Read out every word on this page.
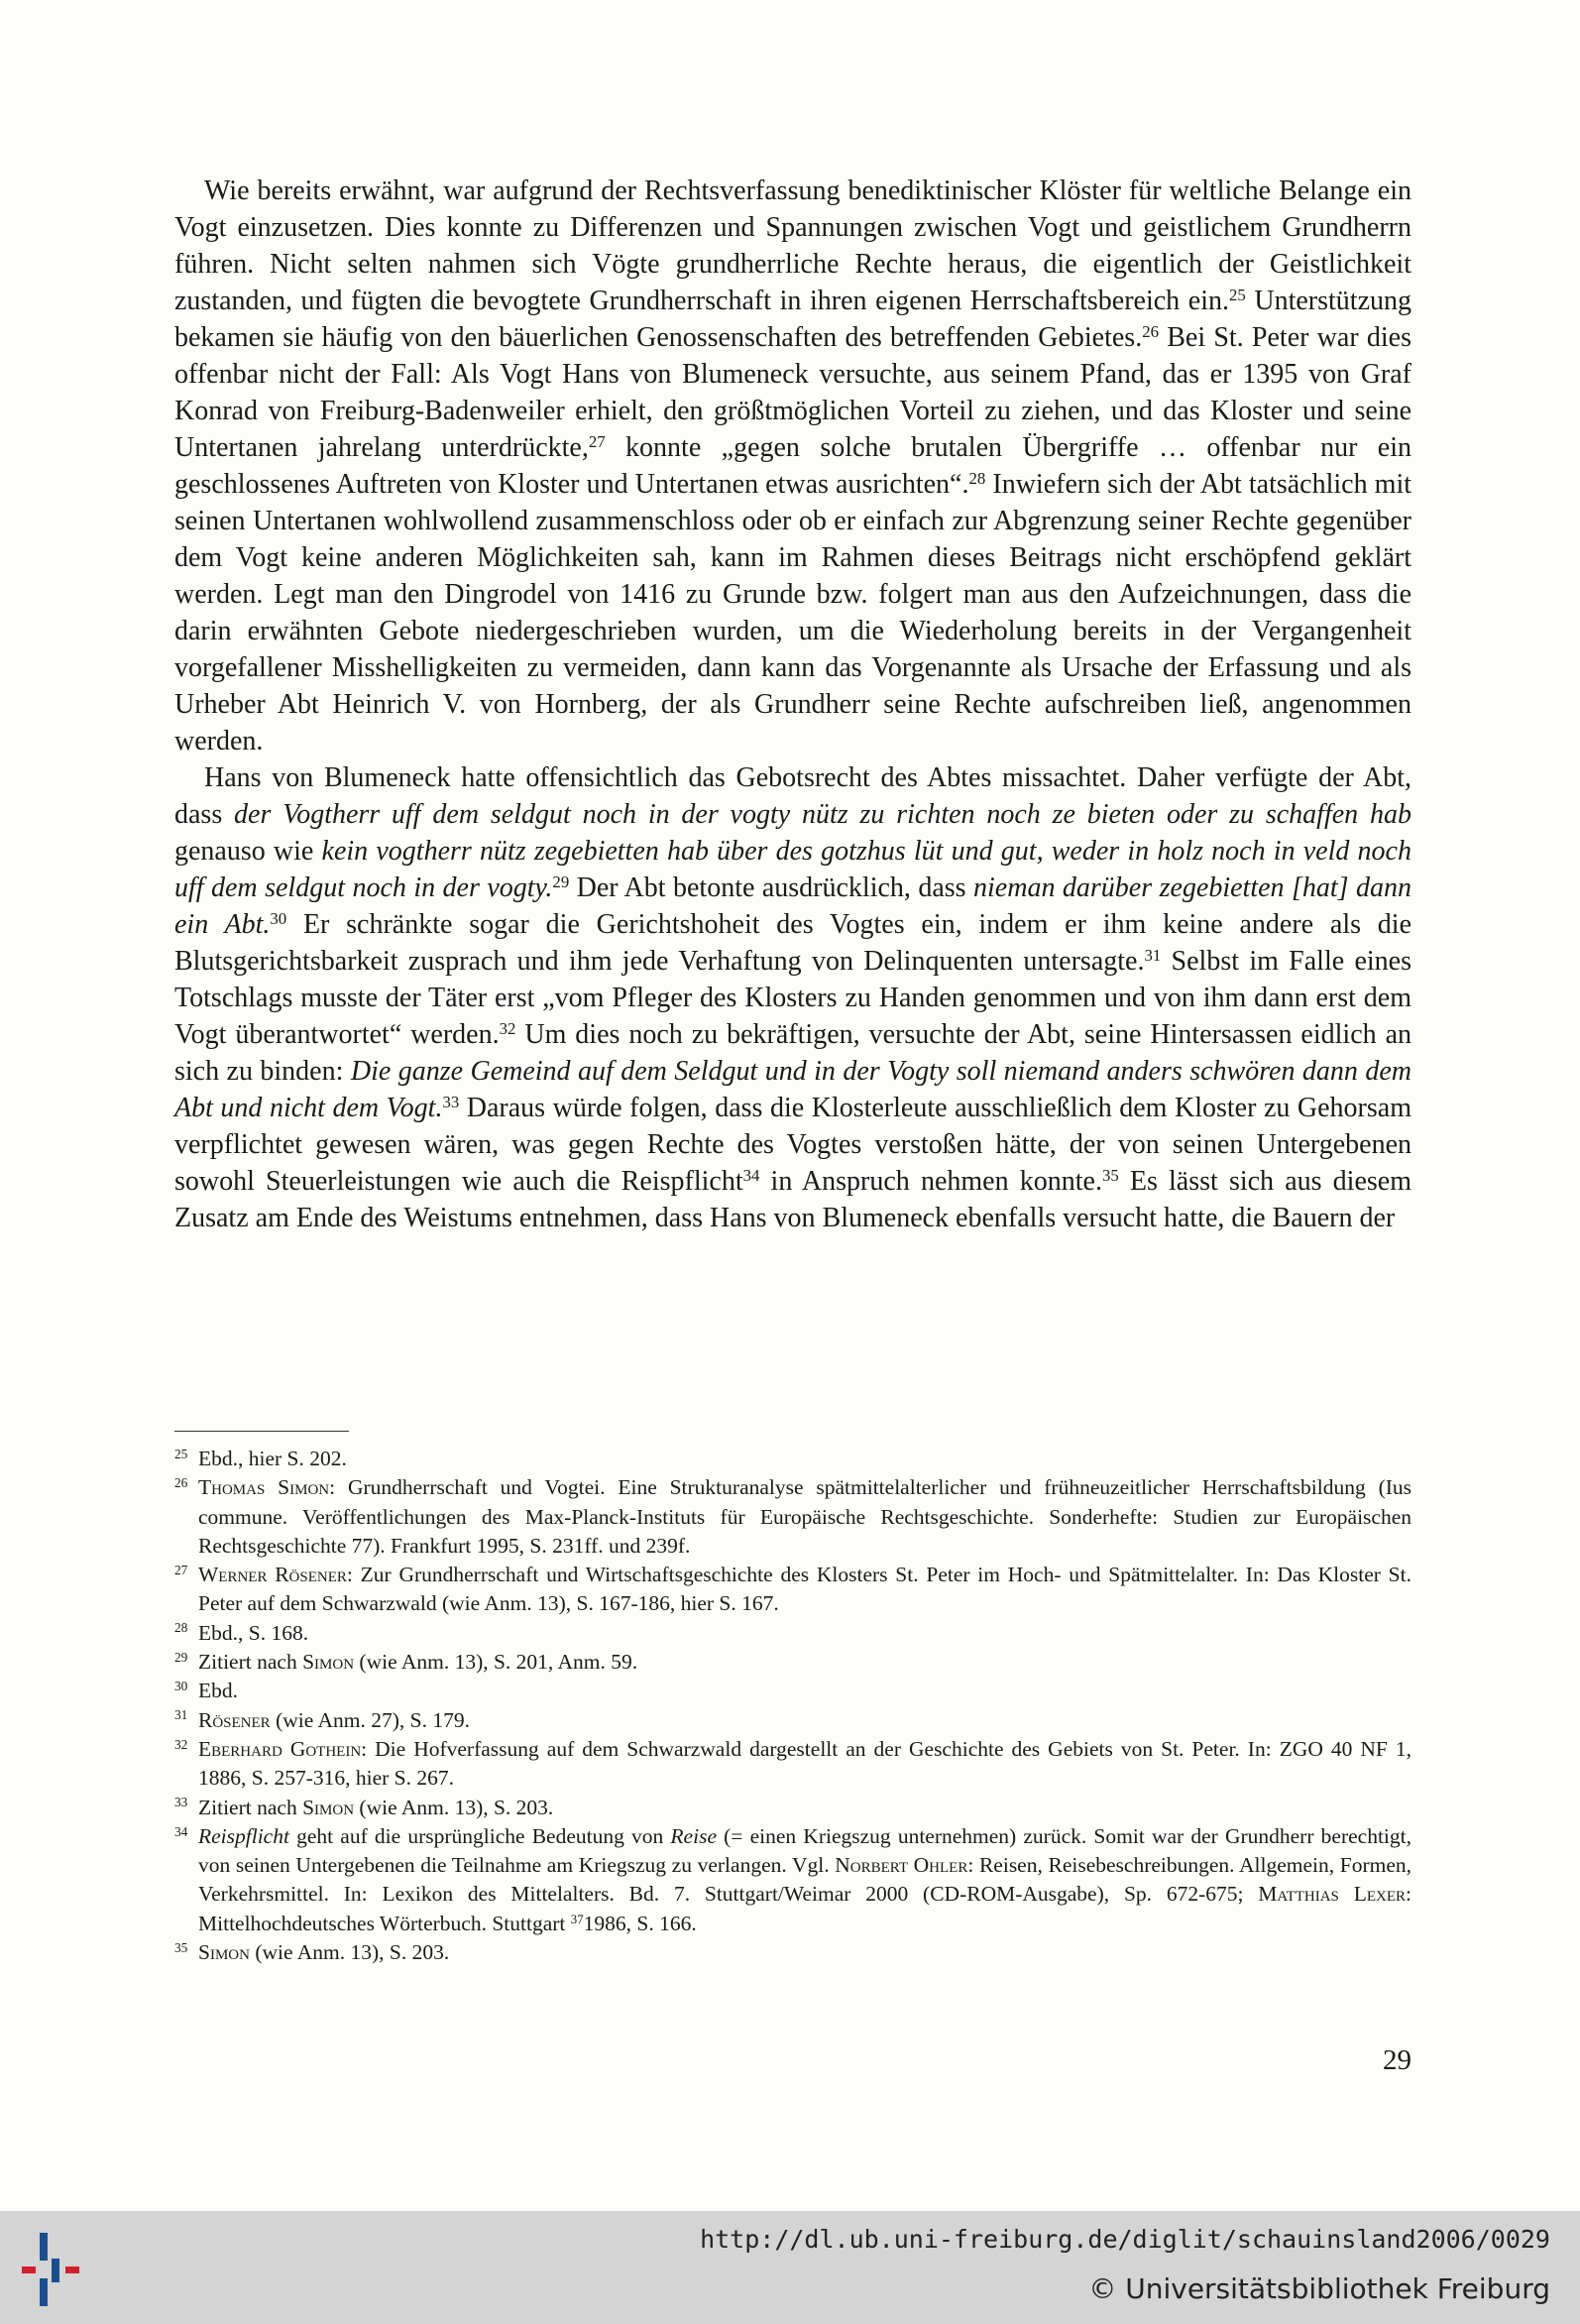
Wie bereits erwähnt, war aufgrund der Rechtsverfassung benediktinischer Klöster für weltliche Belange ein Vogt einzusetzen. Dies konnte zu Differenzen und Spannungen zwischen Vogt und geistlichem Grundherrn führen. Nicht selten nahmen sich Vögte grundherrliche Rechte heraus, die eigentlich der Geistlichkeit zustanden, und fügten die bevogtete Grundherrschaft in ihren eigenen Herrschaftsbereich ein.$^{25}$ Unterstützung bekamen sie häufig von den bäuerlichen Genossenschaften des betreffenden Gebietes.$^{26}$ Bei St. Peter war dies offenbar nicht der Fall: Als Vogt Hans von Blumeneck versuchte, aus seinem Pfand, das er 1395 von Graf Konrad von Freiburg-Badenweiler erhielt, den größtmöglichen Vorteil zu ziehen, und das Kloster und seine Untertanen jahrelang unterdrückte,$^{27}$ konnte „gegen solche brutalen Übergriffe … offenbar nur ein geschlossenes Auftreten von Kloster und Untertanen etwas ausrichten“.$^{28}$ Inwiefern sich der Abt tatsächlich mit seinen Untertanen wohlwollend zusammenschloss oder ob er einfach zur Abgrenzung seiner Rechte gegenüber dem Vogt keine anderen Möglichkeiten sah, kann im Rahmen dieses Beitrags nicht erschöpfend geklärt werden. Legt man den Dingrodel von 1416 zu Grunde bzw. folgert man aus den Aufzeichnungen, dass die darin erwähnten Gebote niedergeschrieben wurden, um die Wiederholung bereits in der Vergangenheit vorgefallener Misshelligkeiten zu vermeiden, dann kann das Vorgenannte als Ursache der Erfassung und als Urheber Abt Heinrich V. von Hornberg, der als Grundherr seine Rechte aufschreiben ließ, angenommen werden.

Hans von Blumeneck hatte offensichtlich das Gebotsrecht des Abtes missachtet. Daher verfügte der Abt, dass der Vogtherr uff dem seldgut noch in der vogty nütz zu richten noch ze bieten oder zu schaffen hab genauso wie kein vogtherr nütz zegebietten hab über des gotzhus lüt und gut, weder in holz noch in veld noch uff dem seldgut noch in der vogty.$^{29}$ Der Abt betonte ausdrücklich, dass nieman darüber zegebietten [hat] dann ein Abt.$^{30}$ Er schränkte sogar die Gerichtshoheit des Vogtes ein, indem er ihm keine andere als die Blutsgerichtsbarkeit zusprach und ihm jede Verhaftung von Delinquenten untersagte.$^{31}$ Selbst im Falle eines Totschlags musste der Täter erst „vom Pfleger des Klosters zu Handen genommen und von ihm dann erst dem Vogt überantwortet“ werden.$^{32}$ Um dies noch zu bekräftigen, versuchte der Abt, seine Hintersassen eidlich an sich zu binden: Die ganze Gemeind auf dem Seldgut und in der Vogty soll niemand anders schwören dann dem Abt und nicht dem Vogt.$^{33}$ Daraus würde folgen, dass die Klosterleute ausschließlich dem Kloster zu Gehorsam verpflichtet gewesen wären, was gegen Rechte des Vogtes verstoßen hätte, der von seinen Untergebenen sowohl Steuerleistungen wie auch die Reispflicht$^{34}$ in Anspruch nehmen konnte.$^{35}$ Es lässt sich aus diesem Zusatz am Ende des Weistums entnehmen, dass Hans von Blumeneck ebenfalls versucht hatte, die Bauern der

25 Ebd., hier S. 202.
26 Thomas Simon: Grundherrschaft und Vogtei. Eine Strukturanalyse spätmittelalterlicher und frühneuzeitlicher Herrschaftsbildung (Ius commune. Veröffentlichungen des Max-Planck-Instituts für Europäische Rechtsgeschichte. Sonderhefte: Studien zur Europäischen Rechtsgeschichte 77). Frankfurt 1995, S. 231ff. und 239f.
27 Werner Rösener: Zur Grundherrschaft und Wirtschaftsgeschichte des Klosters St. Peter im Hoch- und Spätmittelalter. In: Das Kloster St. Peter auf dem Schwarzwald (wie Anm. 13), S. 167-186, hier S. 167.
28 Ebd., S. 168.
29 Zitiert nach Simon (wie Anm. 13), S. 201, Anm. 59.
30 Ebd.
31 Rösener (wie Anm. 27), S. 179.
32 Eberhard Gothein: Die Hofverfassung auf dem Schwarzwald dargestellt an der Geschichte des Gebiets von St. Peter. In: ZGO 40 NF 1, 1886, S. 257-316, hier S. 267.
33 Zitiert nach Simon (wie Anm. 13), S. 203.
34 Reispflicht geht auf die ursprüngliche Bedeutung von Reise (= einen Kriegszug unternehmen) zurück. Somit war der Grundherr berechtigt, von seinen Untergebenen die Teilnahme am Kriegszug zu verlangen. Vgl. Norbert Ohler: Reisen, Reisebeschreibungen. Allgemein, Formen, Verkehrsmittel. In: Lexikon des Mittelalters. Bd. 7. Stuttgart/Weimar 2000 (CD-ROM-Ausgabe), Sp. 672-675; Matthias Lexer: Mittelhochdeutsches Wörterbuch. Stuttgart $^{37}$1986, S. 166.
35 Simon (wie Anm. 13), S. 203.
29
http://dl.ub.uni-freiburg.de/diglit/schauinsland2006/0029
© Universitätsbibliothek Freiburg
